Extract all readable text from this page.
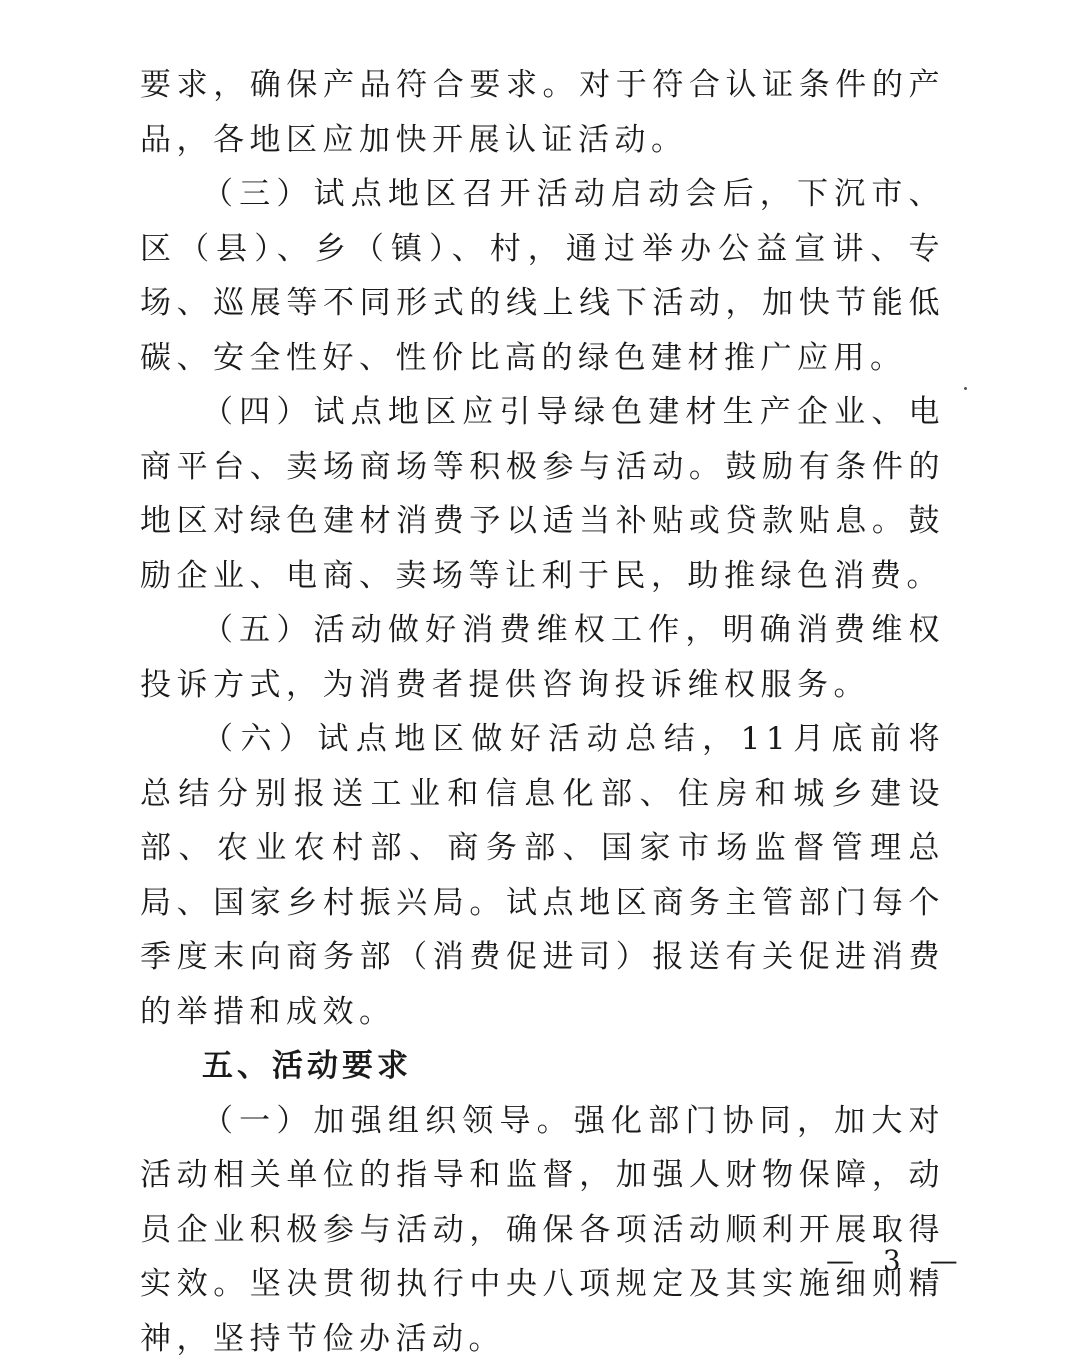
要求，确保产品符合要求。对于符合认证条件的产品，各地区应加快开展认证活动。

（三）试点地区召开活动启动会后，下沉市、区（县）、乡（镇）、村，通过举办公益宣讲、专场、巡展等不同形式的线上线下活动，加快节能低碳、安全性好、性价比高的绿色建材推广应用。

（四）试点地区应引导绿色建材生产企业、电商平台、卖场商场等积极参与活动。鼓励有条件的地区对绿色建材消费予以适当补贴或贷款贴息。鼓励企业、电商、卖场等让利于民，助推绿色消费。

（五）活动做好消费维权工作，明确消费维权投诉方式，为消费者提供咨询投诉维权服务。

（六）试点地区做好活动总结，11月底前将总结分别报送工业和信息化部、住房和城乡建设部、农业农村部、商务部、国家市场监督管理总局、国家乡村振兴局。试点地区商务主管部门每个季度末向商务部（消费促进司）报送有关促进消费的举措和成效。

五、活动要求

（一）加强组织领导。强化部门协同，加大对活动相关单位的指导和监督，加强人财物保障，动员企业积极参与活动，确保各项活动顺利开展取得实效。坚决贯彻执行中央八项规定及其实施细则精神，坚持节俭办活动。

— 3 —
